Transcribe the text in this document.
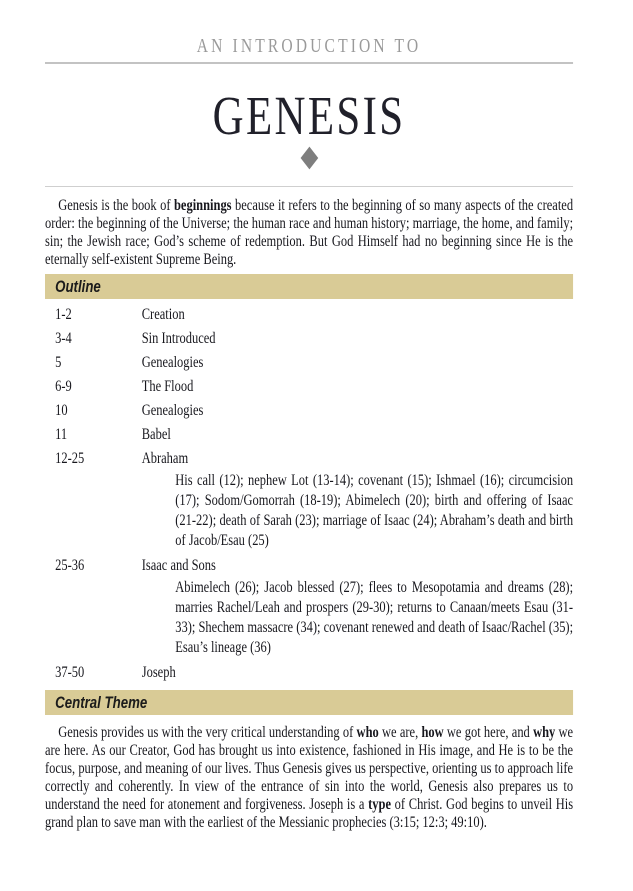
AN INTRODUCTION TO
GENESIS

Genesis is the book of beginnings because it refers to the beginning of so many aspects of the created order: the beginning of the Universe; the human race and human history; marriage, the home, and family; sin; the Jewish race; God’s scheme of redemption. But God Himself had no beginning since He is the eternally self-existent Supreme Being.

Outline
1-2	Creation
3-4	Sin Introduced
5	Genealogies
6-9	The Flood
10	Genealogies
11	Babel
12-25	Abraham

His call (12); nephew Lot (13-14); covenant (15); Ishmael (16); circumcision (17); Sodom/Gomorrah (18-19); Abimelech (20); birth and offering of Isaac (21-22); death of Sarah (23); marriage of Isaac (24); Abraham’s death and birth of Jacob/Esau (25)

25-36	Isaac and Sons

Abimelech (26); Jacob blessed (27); flees to Mesopotamia and dreams (28); marries Rachel/Leah and prospers (29-30); returns to Canaan/meets Esau (31-33); Shechem massacre (34); covenant renewed and death of Isaac/Rachel (35); Esau’s lineage (36)

37-50	Joseph
Central Theme

Genesis provides us with the very critical understanding of who we are, how we got here, and why we are here. As our Creator, God has brought us into existence, fashioned in His image, and He is to be the focus, purpose, and meaning of our lives. Thus Genesis gives us perspective, orienting us to approach life correctly and coherently. In view of the entrance of sin into the world, Genesis also prepares us to understand the need for atonement and forgiveness. Joseph is a type of Christ. God begins to unveil His grand plan to save man with the earliest of the Messianic prophecies (3:15; 12:3; 49:10).
